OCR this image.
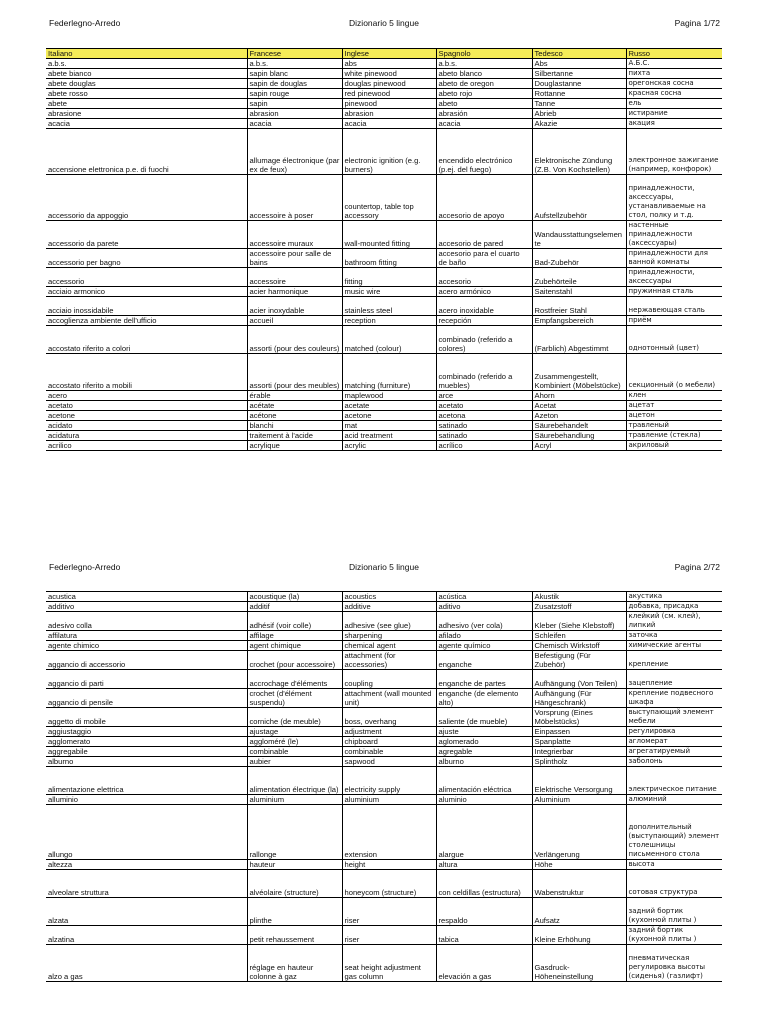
Federlegno-Arredo	Dizionario 5 lingue	Pagina 1/72
Italiano	Francese	Inglese	Spagnolo	Tedesco	Russo
a.b.s.	a.b.s.	abs	a.b.s.	Abs	А.Б.С.
abete bianco	sapin blanc	white pinewood	abeto blanco	Silbertanne	пихта
abete douglas	sapin de douglas	douglas pinewood	abeto de oregon	Douglastanne	орегонская сосна
abete rosso	sapin rouge	red pinewood	abeto rojo	Rottanne	красная сосна
abete	sapin	pinewood	abeto	Tanne	ель
abrasione	abrasion	abrasion	abrasión	Abrieb	истирание
acacia	acacia	acacia	acacia	Akazie	акация
accensione elettronica p.e. di fuochi	allumage électronique (par ex de feux)	electronic ignition (e.g. burners)	encendido electrónico (p.ej. del fuego)	Elektronische Zündung (Z.B. Von Kochstellen)	электронное зажигание (например, конфорок)
accessorio da appoggio	accessoire à poser	countertop, table top accessory	accesorio de apoyo	Aufstellzubehör	принадлежности, аксессуары, устанавливаемые на стол, полку и т.д.
accessorio da parete	accessoire muraux	wall-mounted fitting	accesorio de pared	Wandausstattungselemente	настенные принадлежности (аксессуары)
accessorio per bagno	accessoire pour salle de bains	bathroom fitting	accesorio para el cuarto de baño	Bad-Zubehör	принадлежности для ванной комнаты
accessorio	accessoire	fitting	accesorio	Zubehörteile	принадлежности, аксессуары
acciaio armonico	acier harmonique	music wire	acero armónico	Saitenstahl	пружинная сталь
acciaio inossidabile	acier inoxydable	stainless steel	acero inoxidable	Rostfreier Stahl	нержавеющая сталь
accoglienza ambiente dell'ufficio	accueil	reception	recepción	Empfangsbereich	приём
accostato riferito a colori	assorti (pour des couleurs)	matched (colour)	combinado (referido a colores)	(Farblich) Abgestimmt	однотонный (цвет)
accostato riferito a mobili	assorti (pour des meubles)	matching (furniture)	combinado (referido a muebles)	Zusammengestellt, Kombiniert (Möbelstücke)	секционный (о мебели)
acero	érable	maplewood	arce	Ahorn	клен
acetato	acétate	acetate	acetato	Acetat	ацетат
acetone	acétone	acetone	acetona	Azeton	ацетон
acidato	blanchi	mat	satinado	Säurebehandelt	травленый
acidatura	traitement à l'acide	acid treatment	satinado	Säurebehandlung	травление (стекла)
acrilico	acrylique	acrylic	acrílico	Acryl	акриловый
Federlegno-Arredo	Dizionario 5 lingue	Pagina 2/72
acustica	acoustique (la)	acoustics	acústica	Akustik	акустика
additivo	additif	additive	aditivo	Zusatzstoff	добавка, присадка
adesivo colla	adhésif (voir colle)	adhesive (see glue)	adhesivo (ver cola)	Kleber (Siehe Klebstoff)	клейкий (см. клей), липкий
affilatura	affilage	sharpening	afilado	Schleifen	заточка
agente chimico	agent chimique	chemical agent	agente químico	Chemisch Wirkstoff	химические агенты
aggancio di accessorio	crochet (pour accessoire)	attachment (for accessories)	enganche	Befestigung (Für Zubehör)	крепление
aggancio di parti	accrochage d'éléments	coupling	enganche de partes	Aufhängung (Von Teilen)	зацепление
aggancio di pensile	crochet (d'élément suspendu)	attachment (wall mounted unit)	enganche (de elemento alto)	Aufhängung (Für Hängeschrank)	крепление подвесного шкафа
aggetto di mobile	corniche (de meuble)	boss, overhang	saliente (de mueble)	Vorsprung (Eines Möbelstücks)	выступающий элемент мебели
aggiustaggio	ajustage	adjustment	ajuste	Einpassen	регулировка
agglomerato	aggloméré (le)	chipboard	aglomerado	Spanplatte	агломерат
aggregabile	combinable	combinable	agregable	Integrierbar	агрегатируемый
alburno	aubier	sapwood	alburno	Splintholz	заболонь
alimentazione elettrica	alimentation électrique (la)	electricity supply	alimentación eléctrica	Elektrische Versorgung	электрическое питание
alluminio	aluminium	aluminium	aluminio	Aluminium	алюминий
allungo	rallonge	extension	alargue	Verlängerung	дополнительный (выступающий) элемент столешницы письменного стола
altezza	hauteur	height	altura	Höhe	высота
alveolare struttura	alvéolaire (structure)	honeycom (structure)	con celdillas (estructura)	Wabenstruktur	сотовая структура
alzata	plinthe	riser	respaldo	Aufsatz	задний бортик (кухонной плиты )
alzatina	petit rehaussement	riser	tabica	Kleine Erhöhung	задний бортик (кухонной плиты )
alzo a gas	réglage en hauteur colonne à gaz	seat height adjustment gas column	elevación a gas	Gasdruck-Höheneinstellung	пневматическая регулировка высоты (сиденья) (газлифт)
